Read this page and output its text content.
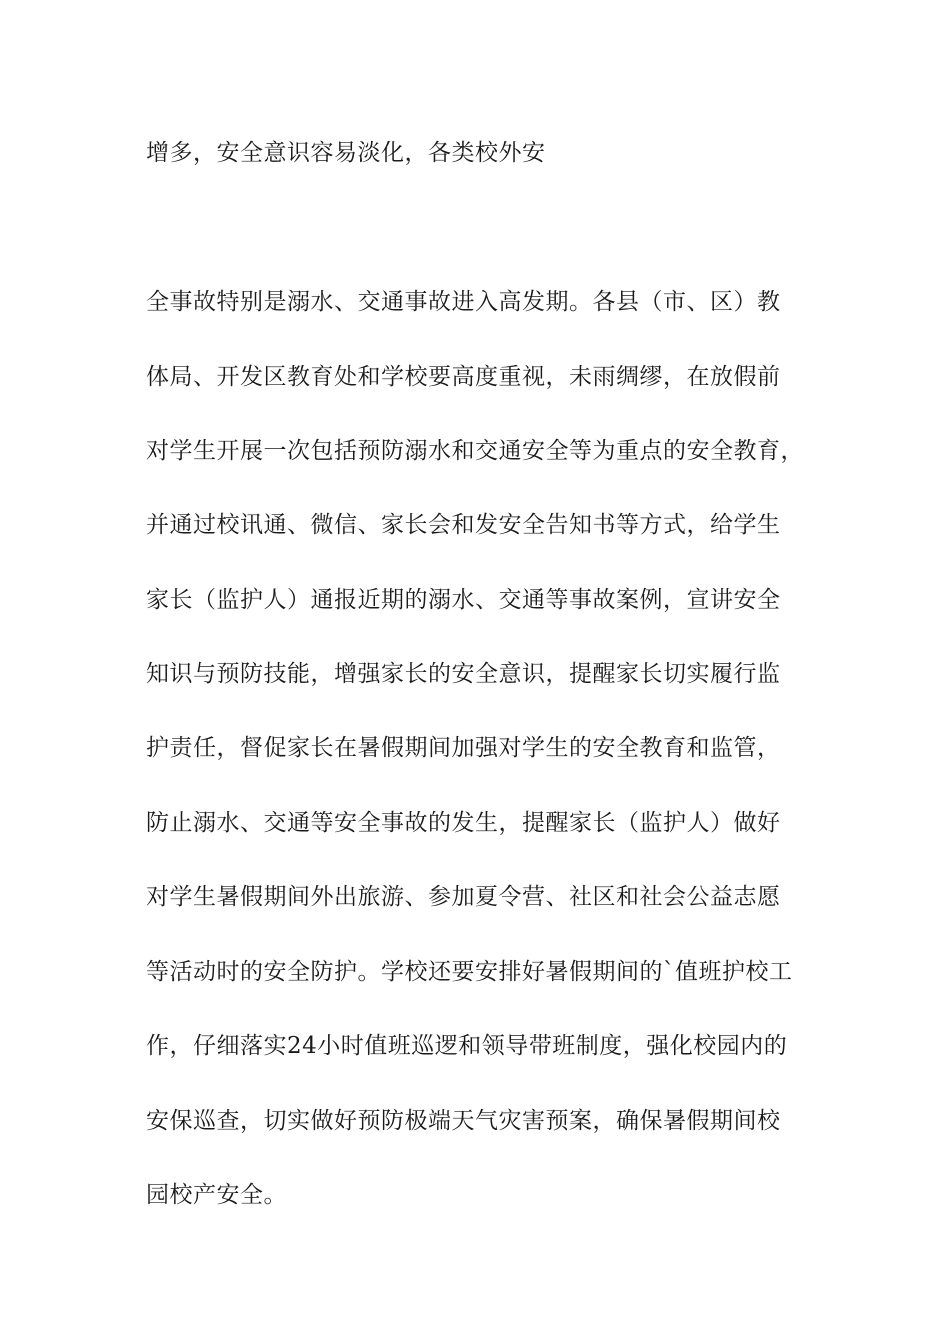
增多，安全意识容易淡化，各类校外安
全事故特别是溺水、交通事故进入高发期。各县（市、区）教
体局、开发区教育处和学校要高度重视，未雨绸缪，在放假前
对学生开展一次包括预防溺水和交通安全等为重点的安全教育，
并通过校讯通、微信、家长会和发安全告知书等方式，给学生
家长（监护人）通报近期的溺水、交通等事故案例，宣讲安全
知识与预防技能，增强家长的安全意识，提醒家长切实履行监
护责任，督促家长在暑假期间加强对学生的安全教育和监管，
防止溺水、交通等安全事故的发生，提醒家长（监护人）做好
对学生暑假期间外出旅游、参加夏令营、社区和社会公益志愿
等活动时的安全防护。学校还要安排好暑假期间的`值班护校工
作，仔细落实24小时值班巡逻和领导带班制度，强化校园内的
安保巡查，切实做好预防极端天气灾害预案，确保暑假期间校
园校产安全。
